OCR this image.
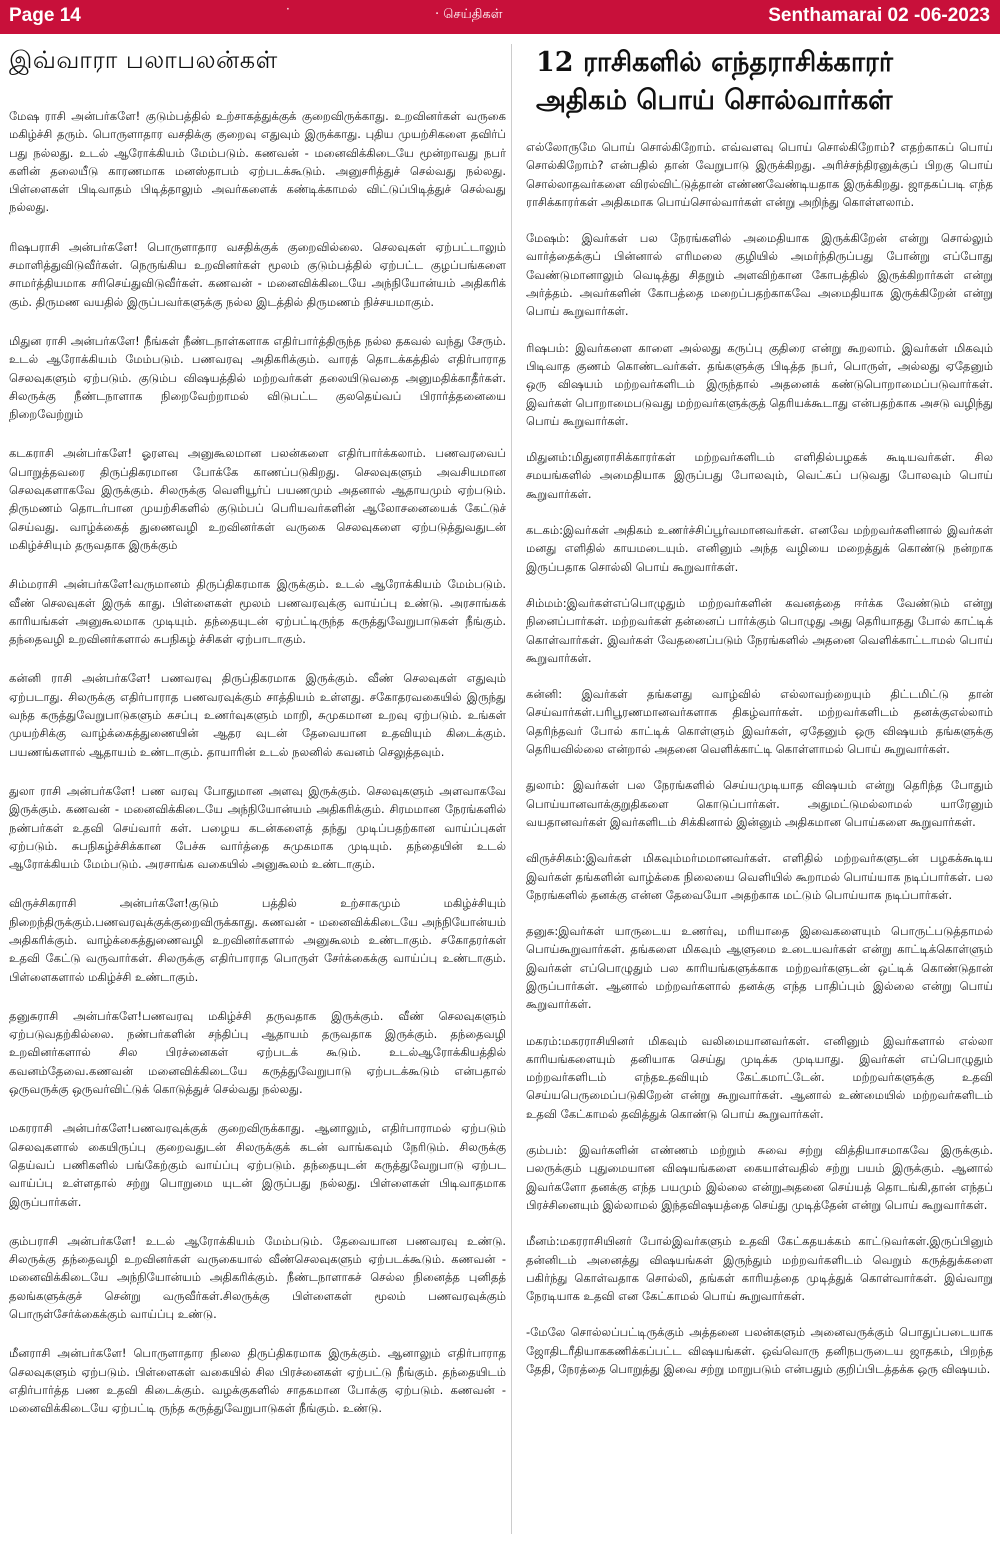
Page 14	·	· செய்திகள்	Senthamarai 02 -06-2023
இவ்வாரா பலாபலன்கள்

மேஷ ராசி அன்பர்களே! குடும்பத்தில் உற்சாகத்துக்குக் குறைவிருக்காது. உறவினர்கள் வருகை மகிழ்ச்சி தரும். பொருளாதார வசதிக்கு குறைவு எதுவும் இருக்காது. புதிய முயற்சிகளை தவிர்ப் பது நல்லது. உடல் ஆரோக்கியம் மேம்படும். கணவன் - மனைவிக்கிடையே மூன்றாவது நபர் களின் தலையீடு காரணமாக மனஸ்தாபம் ஏற்படக்கூடும். அனுசரித்துச் செல்வது நல்லது. பிள்ளைகள் பிடிவாதம் பிடித்தாலும் அவர்களைக் கண்டிக்காமல் விட்டுப்பிடித்துச் செல்வது நல்லது.

ரிஷபராசி அன்பர்களே! பொருளாதார வசதிக்குக் குறைவில்லை. செலவுகள் ஏற்பட்டாலும் சமாளித்துவிடுவீர்கள். நெருங்கிய உறவினர்கள் மூலம் குடும்பத்தில் ஏற்பட்ட குழப்பங்களை சாமர்த்தியமாக சரிசெய்துவிடுவீர்கள். கணவன் - மனைவிக்கிடையே அந்நியோன்யம் அதிகரிக் கும். திருமண வயதில் இருப்பவர்களுக்கு நல்ல இடத்தில் திருமணம் நிச்சயமாகும்.

மிதுன ராசி அன்பர்களே! நீங்கள் நீண்டநாள்களாக எதிர்பார்த்திருந்த நல்ல தகவல் வந்து சேரும். உடல் ஆரோக்கியம் மேம்படும். பணவரவு அதிகரிக்கும். வாரத் தொடக்கத்தில் எதிர்பாராத செலவுகளும் ஏற்படும். குடும்ப விஷயத்தில் மற்றவர்கள் தலையிடுவதை அனுமதிக்காதீர்கள். சிலருக்கு நீண்டநாளாக நிறைவேற்றாமல் விடுபட்ட குலதெய்வப் பிரார்த்தனையை நிறைவேற்றும்

கடகராசி அன்பர்களே! ஓரளவு அனுகூலமான பலன்களை எதிர்பார்க்கலாம். பணவரவைப் பொறுத்தவரை திருப்திகரமான போக்கே காணப்படுகிறது. செலவுகளும் அவசியமான செலவுகளாகவே இருக்கும். சிலருக்கு வெளியூர்ப் பயணமும் அதனால் ஆதாயமும் ஏற்படும். திருமணம் தொடர்பான முயற்சிகளில் குடும்பப் பெரியவர்களின் ஆலோசனையைக் கேட்டுச் செய்வது. வாழ்க்கைத் துணைவழி உறவினர்கள் வருகை செலவுகளை ஏற்படுத்துவதுடன் மகிழ்ச்சியும் தருவதாக இருக்கும்

சிம்மராசி அன்பர்களே!வருமானம் திருப்திகரமாக இருக்கும். உடல் ஆரோக்கியம் மேம்படும். வீண் செலவுகள் இருக் காது. பிள்ளைகள் மூலம் பணவரவுக்கு வாய்ப்பு உண்டு. அரசாங்கக் காரியங்கள் அனுகூலமாக முடியும். தந்தையுடன் ஏற்பட்டிருந்த கருத்துவேறுபாடுகள் நீங்கும். தந்தைவழி உறவினர்களால் சுபநிகழ் ச்சிகள் ஏற்பாடாகும்.

கன்னி ராசி அன்பர்களே! பணவரவு திருப்திகரமாக இருக்கும். வீண் செலவுகள் எதுவும் ஏற்படாது. சிலருக்கு எதிர்பாராத பணவரவுக்கும் சாத்தியம் உள்ளது. சகோதரவகையில் இருந்து வந்த கருத்துவேறுபாடுகளும் கசப்பு உணர்வுகளும் மாறி, சுமுகமான உறவு ஏற்படும். உங்கள் முயற்சிக்கு வாழ்க்கைத்துணையின் ஆதர வுடன் தேவையான உதவியும் கிடைக்கும். பயணங்களால் ஆதாயம் உண்டாகும். தாயாரின் உடல் நலனில் கவனம் செலுத்தவும்.

துலா ராசி அன்பர்களே! பண வரவு போதுமான அளவு இருக்கும். செலவுகளும் அளவாகவே இருக்கும். கணவன் - மனைவிக்கிடையே அந்நியோன்யம் அதிகரிக்கும். சிரமமான நேரங்களில் நண்பர்கள் உதவி செய்வார் கள். பழைய கடன்களைத் தந்து முடிப்பதற்கான வாய்ப்புகள் ஏற்படும். சுபநிகழ்ச்சிக்கான பேச்சு வார்த்தை சுமுகமாக முடியும். தந்தையின் உடல் ஆரோக்கியம் மேம்படும். அரசாங்க வகையில் அனுகூலம் உண்டாகும்.

விருச்சிகராசி அன்பர்களே!குடும் பத்தில் உற்சாகமும் மகிழ்ச்சியும் நிறைந்திருக்கும்.பணவரவுக்குக்குறைவிருக்காது. கணவன் - மனைவிக்கிடையே அந்நியோன்யம் அதிகரிக்கும். வாழ்க்கைத்துணைவழி உறவினர்களால் அனுகூலம் உண்டாகும். சகோதரர்கள் உதவி கேட்டு வருவார்கள். சிலருக்கு எதிர்பாராத பொருள் சேர்க்கைக்கு வாய்ப்பு உண்டாகும். பிள்ளைகளால் மகிழ்ச்சி உண்டாகும்.

தனுசுராசி அன்பர்களே!பணவரவு மகிழ்ச்சி தருவதாக இருக்கும். வீண் செலவுகளும் ஏற்படுவதற்கில்லை. நண்பர்களின் சந்திப்பு ஆதாயம் தருவதாக இருக்கும். தந்தைவழி உறவினர்களால் சில பிரச்னைகள் ஏற்படக் கூடும். உடல்ஆரோக்கியத்தில் கவனம்தேவை.கணவன் மனைவிக்கிடையே கருத்துவேறுபாடு ஏற்படக்கூடும் என்பதால் ஒருவருக்கு ஒருவர்விட்டுக் கொடுத்துச் செல்வது நல்லது.

மகரராசி அன்பர்களே!பணவரவுக்குக் குறைவிருக்காது. ஆனாலும், எதிர்பாராமல் ஏற்படும் செலவுகளால் கையிருப்பு குறைவதுடன் சிலருக்குக் கடன் வாங்கவும் நேரிடும். சிலருக்கு தெய்வப் பணிகளில் பங்கேற்கும் வாய்ப்பு ஏற்படும். தந்தையுடன் கருத்துவேறுபாடு ஏற்பட வாய்ப்பு உள்ளதால் சற்று பொறுமை யுடன் இருப்பது நல்லது. பிள்ளைகள் பிடிவாதமாக இருப்பார்கள்.

கும்பராசி அன்பர்களே! உடல் ஆரோக்கியம் மேம்படும். தேவையான பணவரவு உண்டு. சிலருக்கு தந்தைவழி உறவினர்கள் வருகையால் வீண்செலவுகளும் ஏற்படக்கூடும். கணவன் - மனைவிக்கிடையே அந்நியோன்யம் அதிகரிக்கும். நீண்டநாளாகச் செல்ல நினைத்த புனிதத் தலங்களுக்குச் சென்று வருவீர்கள்.சிலருக்கு பிள்ளைகள் மூலம் பணவரவுக்கும் பொருள்சேர்க்கைக்கும் வாய்ப்பு உண்டு.

மீனராசி அன்பர்களே! பொருளாதார நிலை திருப்திகரமாக இருக்கும். ஆனாலும் எதிர்பாராத செலவுகளும் ஏற்படும். பிள்ளைகள் வகையில் சில பிரச்னைகள் ஏற்பட்டு நீங்கும். தந்தையிடம் எதிர்பார்த்த பண உதவி கிடைக்கும். வழக்குகளில் சாதகமான போக்கு ஏற்படும். கணவன் - மனைவிக்கிடையே ஏற்பட்டி ருந்த கருத்துவேறுபாடுகள் நீங்கும். உண்டு.

12 ராசிகளில் எந்தராசிக்காரர்
அதிகம் பொய் சொல்வார்கள்

எல்லோருமே பொய் சொல்கிறோம். எவ்வளவு பொய் சொல்கிறோம்? எதற்காகப் பொய் சொல்கிறோம்? என்பதில் தான் வேறுபாடு இருக்கிறது. அரிச்சந்திரனுக்குப் பிறகு பொய் சொல்லாதவர்களை விரல்விட்டுத்தான் எண்ணவேண்டியதாக இருக்கிறது. ஜாதகப்படி எந்த ராசிக்காரர்கள் அதிகமாக பொய்சொல்வார்கள் என்று அறிந்து கொள்ளலாம்.

மேஷம்: இவர்கள் பல நேரங்களில் அமைதியாக இருக்கிறேன் என்று சொல்லும் வார்த்தைக்குப் பின்னால் எரிமலை குழியில் அமர்ந்திருப்பது போன்று எப்போது வேண்டுமானாலும் வெடித்து சிதறும் அளவிற்கான கோபத்தில் இருக்கிறார்கள் என்று அர்த்தம். அவர்களின் கோபத்தை மறைப்பதற்காகவே அமைதியாக இருக்கிறேன் என்று பொய் கூறுவார்கள்.

ரிஷபம்: இவர்களை காளை அல்லது கருப்பு குதிரை என்று கூறலாம். இவர்கள் மிகவும் பிடிவாத குணம் கொண்டவர்கள். தங்களுக்கு பிடித்த நபர், பொருள், அல்லது ஏதேனும் ஒரு விஷயம் மற்றவர்களிடம் இருந்தால் அதனைக் கண்டுபொறாமைப்படுவார்கள். இவர்கள் பொறாமைபடுவது மற்றவர்களுக்குத் தெரியக்கூடாது என்பதற்காக அசடு வழிந்து பொய் கூறுவார்கள்.

மிதுனம்:மிதுனராசிக்காரர்கள் மற்றவர்களிடம் எளிதில்பழகக் கூடியவர்கள். சில சமயங்களில் அமைதியாக இருப்பது போலவும், வெட்கப் படுவது போலவும் பொய் கூறுவார்கள்.

கடகம்:இவர்கள் அதிகம் உணர்ச்சிப்பூர்வமானவர்கள். எனவே மற்றவர்களினால் இவர்கள் மனது எளிதில் காயமடையும். எனினும் அந்த வழியை மறைத்துக் கொண்டு நன்றாக இருப்பதாக சொல்லி பொய் கூறுவார்கள்.

சிம்மம்:இவர்கள்எப்பொழுதும் மற்றவர்களின் கவனத்தை ஈர்க்க வேண்டும் என்று நினைப்பார்கள். மற்றவர்கள் தன்னைப் பார்க்கும் பொழுது அது தெரியாதது போல் காட்டிக் கொள்வார்கள். இவர்கள் வேதனைப்படும் நேரங்களில் அதனை வெளிக்காட்டாமல் பொய் கூறுவார்கள்.

கன்னி: இவர்கள் தங்களது வாழ்வில் எல்லாவற்றையும் திட்டமிட்டு தான் செய்வார்கள்.பரிபூரணமானவர்களாக திகழ்வார்கள். மற்றவர்களிடம் தனக்குஎல்லாம் தெரிந்தவர் போல் காட்டிக் கொள்ளும் இவர்கள், ஏதேனும் ஒரு விஷயம் தங்களுக்கு தெரியவில்லை என்றால் அதனை வெளிக்காட்டி கொள்ளாமல் பொய் கூறுவார்கள்.

துலாம்: இவர்கள் பல நேரங்களில் செய்யமுடியாத விஷயம் என்று தெரிந்த போதும் பொய்யானவாக்குறுதிகளை கொடுப்பார்கள். அதுமட்டுமல்லாமல் யாரேனும் வயதானவர்கள் இவர்களிடம் சிக்கினால் இன்னும் அதிகமான பொய்களை கூறுவார்கள்.

விருச்சிகம்:இவர்கள் மிகவும்மர்மமானவர்கள். எளிதில் மற்றவர்களுடன் பழகக்கூடிய இவர்கள் தங்களின் வாழ்க்கை நிலையை வெளியில் கூறாமல் பொய்யாக நடிப்பார்கள். பல நேரங்களில் தனக்கு என்ன தேவையோ அதற்காக மட்டும் பொய்யாக நடிப்பார்கள்.

தனுசு:இவர்கள் யாருடைய உணர்வு, மரியாதை இவைகளையும் பொருட்படுத்தாமல் பொய்கூறுவார்கள். தங்களை மிகவும் ஆளுமை உடையவர்கள் என்று காட்டிக்கொள்ளும் இவர்கள் எப்பொழுதும் பல காரியங்களுக்காக மற்றவர்களுடன் ஒட்டிக் கொண்டுதான் இருப்பார்கள். ஆனால் மற்றவர்களால் தனக்கு எந்த பாதிப்பும் இல்லை என்று பொய் கூறுவார்கள்.

மகரம்:மகரராசியினர் மிகவும் வலிமையானவர்கள். எனினும் இவர்களால் எல்லா காரியங்களையும் தனியாக செய்து முடிக்க முடியாது. இவர்கள் எப்பொழுதும் மற்றவர்களிடம் எந்தஉதவியும் கேட்கமாட்டேன். மற்றவர்களுக்கு உதவி செய்யபெருமைப்படுகிறேன் என்று கூறுவார்கள். ஆனால் உண்மையில் மற்றவர்களிடம் உதவி கேட்காமல் தவித்துக் கொண்டு பொய் கூறுவார்கள்.

கும்பம்: இவர்களின் எண்ணம் மற்றும் சுவை சற்று வித்தியாசமாகவே இருக்கும். பலருக்கும் புதுமையான விஷயங்களை கையாள்வதில் சற்று பயம் இருக்கும். ஆனால் இவர்களோ தனக்கு எந்த பயமும் இல்லை என்றுஅதனை செய்யத் தொடங்கி,தான் எந்தப் பிரச்சினையும் இல்லாமல் இந்தவிஷயத்தை செய்து முடித்தேன் என்று பொய் கூறுவார்கள்.

மீனம்:மகரராசியினர் போல்இவர்களும் உதவி கேட்கதயக்கம் காட்டுவர்கள்.இருப்பினும் தன்னிடம் அனைத்து விஷயங்கள் இருந்தும் மற்றவர்களிடம் வெறும் கருத்துக்களை பகிர்ந்து கொள்வதாக சொல்லி, தங்கள் காரியத்தை முடித்துக் கொள்வார்கள். இவ்வாறு நேரடியாக உதவி என கேட்காமல் பொய் கூறுவார்கள்.

-மேலே சொல்லப்பட்டிருக்கும் அத்தனை பலன்களும் அனைவருக்கும் பொதுப்படையாக ஜோதிடரீதியாககணிக்கப்பட்ட விஷயங்கள். ஒவ்வொரு தனிநபருடைய ஜாதகம், பிறந்த தேதி, நேரத்தை பொறுத்து இவை சற்று மாறுபடும் என்பதும் குறிப்பிடத்தக்க ஒரு விஷயம்.
